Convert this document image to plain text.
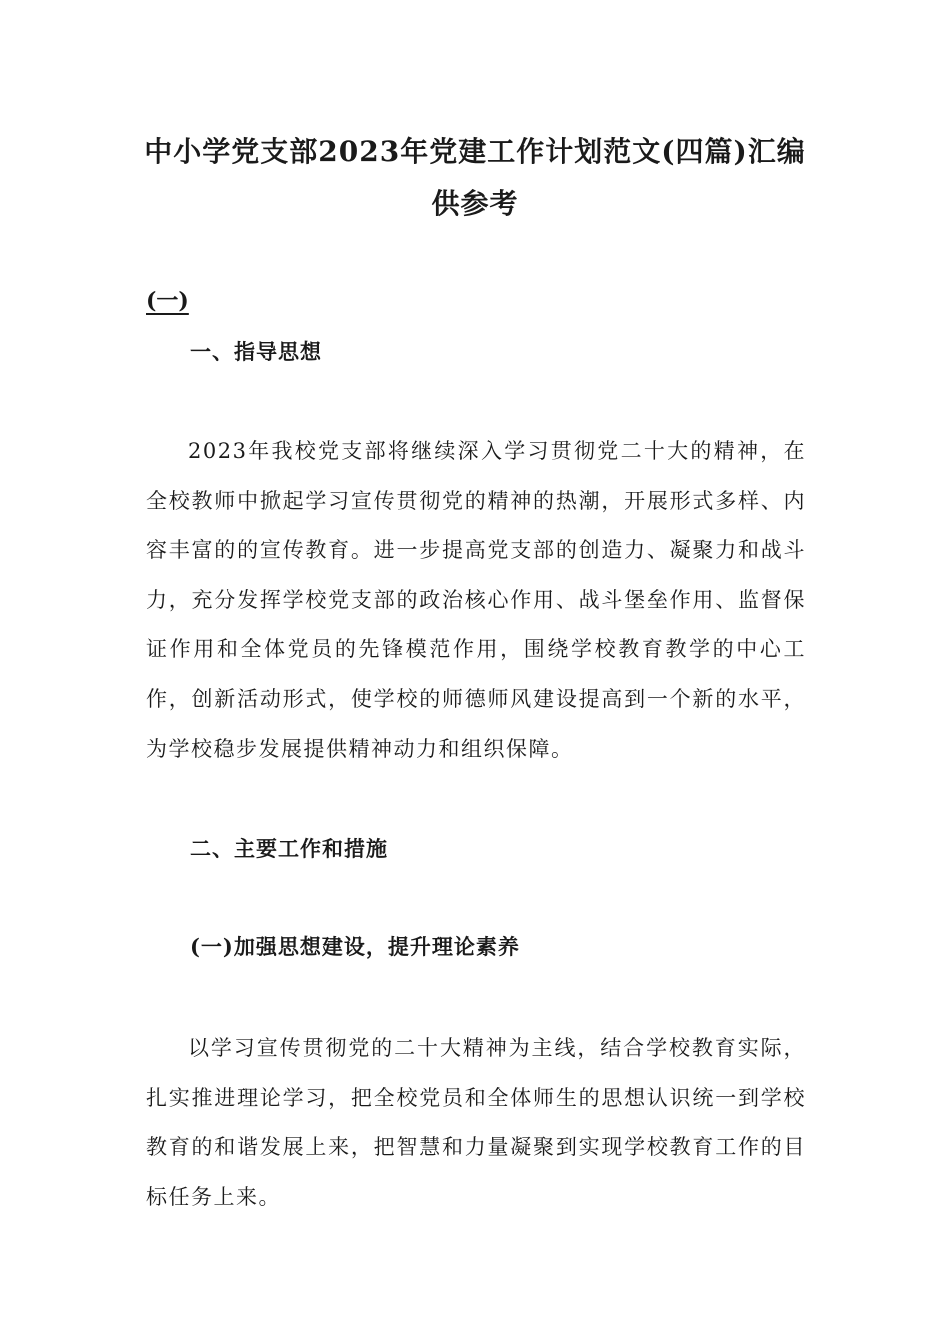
中小学党支部2023年党建工作计划范文(四篇)汇编
供参考
(一)
一、指导思想

2023年我校党支部将继续深入学习贯彻党二十大的精神，在全校教师中掀起学习宣传贯彻党的精神的热潮，开展形式多样、内容丰富的的宣传教育。进一步提高党支部的创造力、凝聚力和战斗力，充分发挥学校党支部的政治核心作用、战斗堡垒作用、监督保证作用和全体党员的先锋模范作用，围绕学校教育教学的中心工作，创新活动形式，使学校的师德师风建设提高到一个新的水平，为学校稳步发展提供精神动力和组织保障。

二、主要工作和措施
(一)加强思想建设，提升理论素养

以学习宣传贯彻党的二十大精神为主线，结合学校教育实际，扎实推进理论学习，把全校党员和全体师生的思想认识统一到学校教育的和谐发展上来，把智慧和力量凝聚到实现学校教育工作的目标任务上来。
